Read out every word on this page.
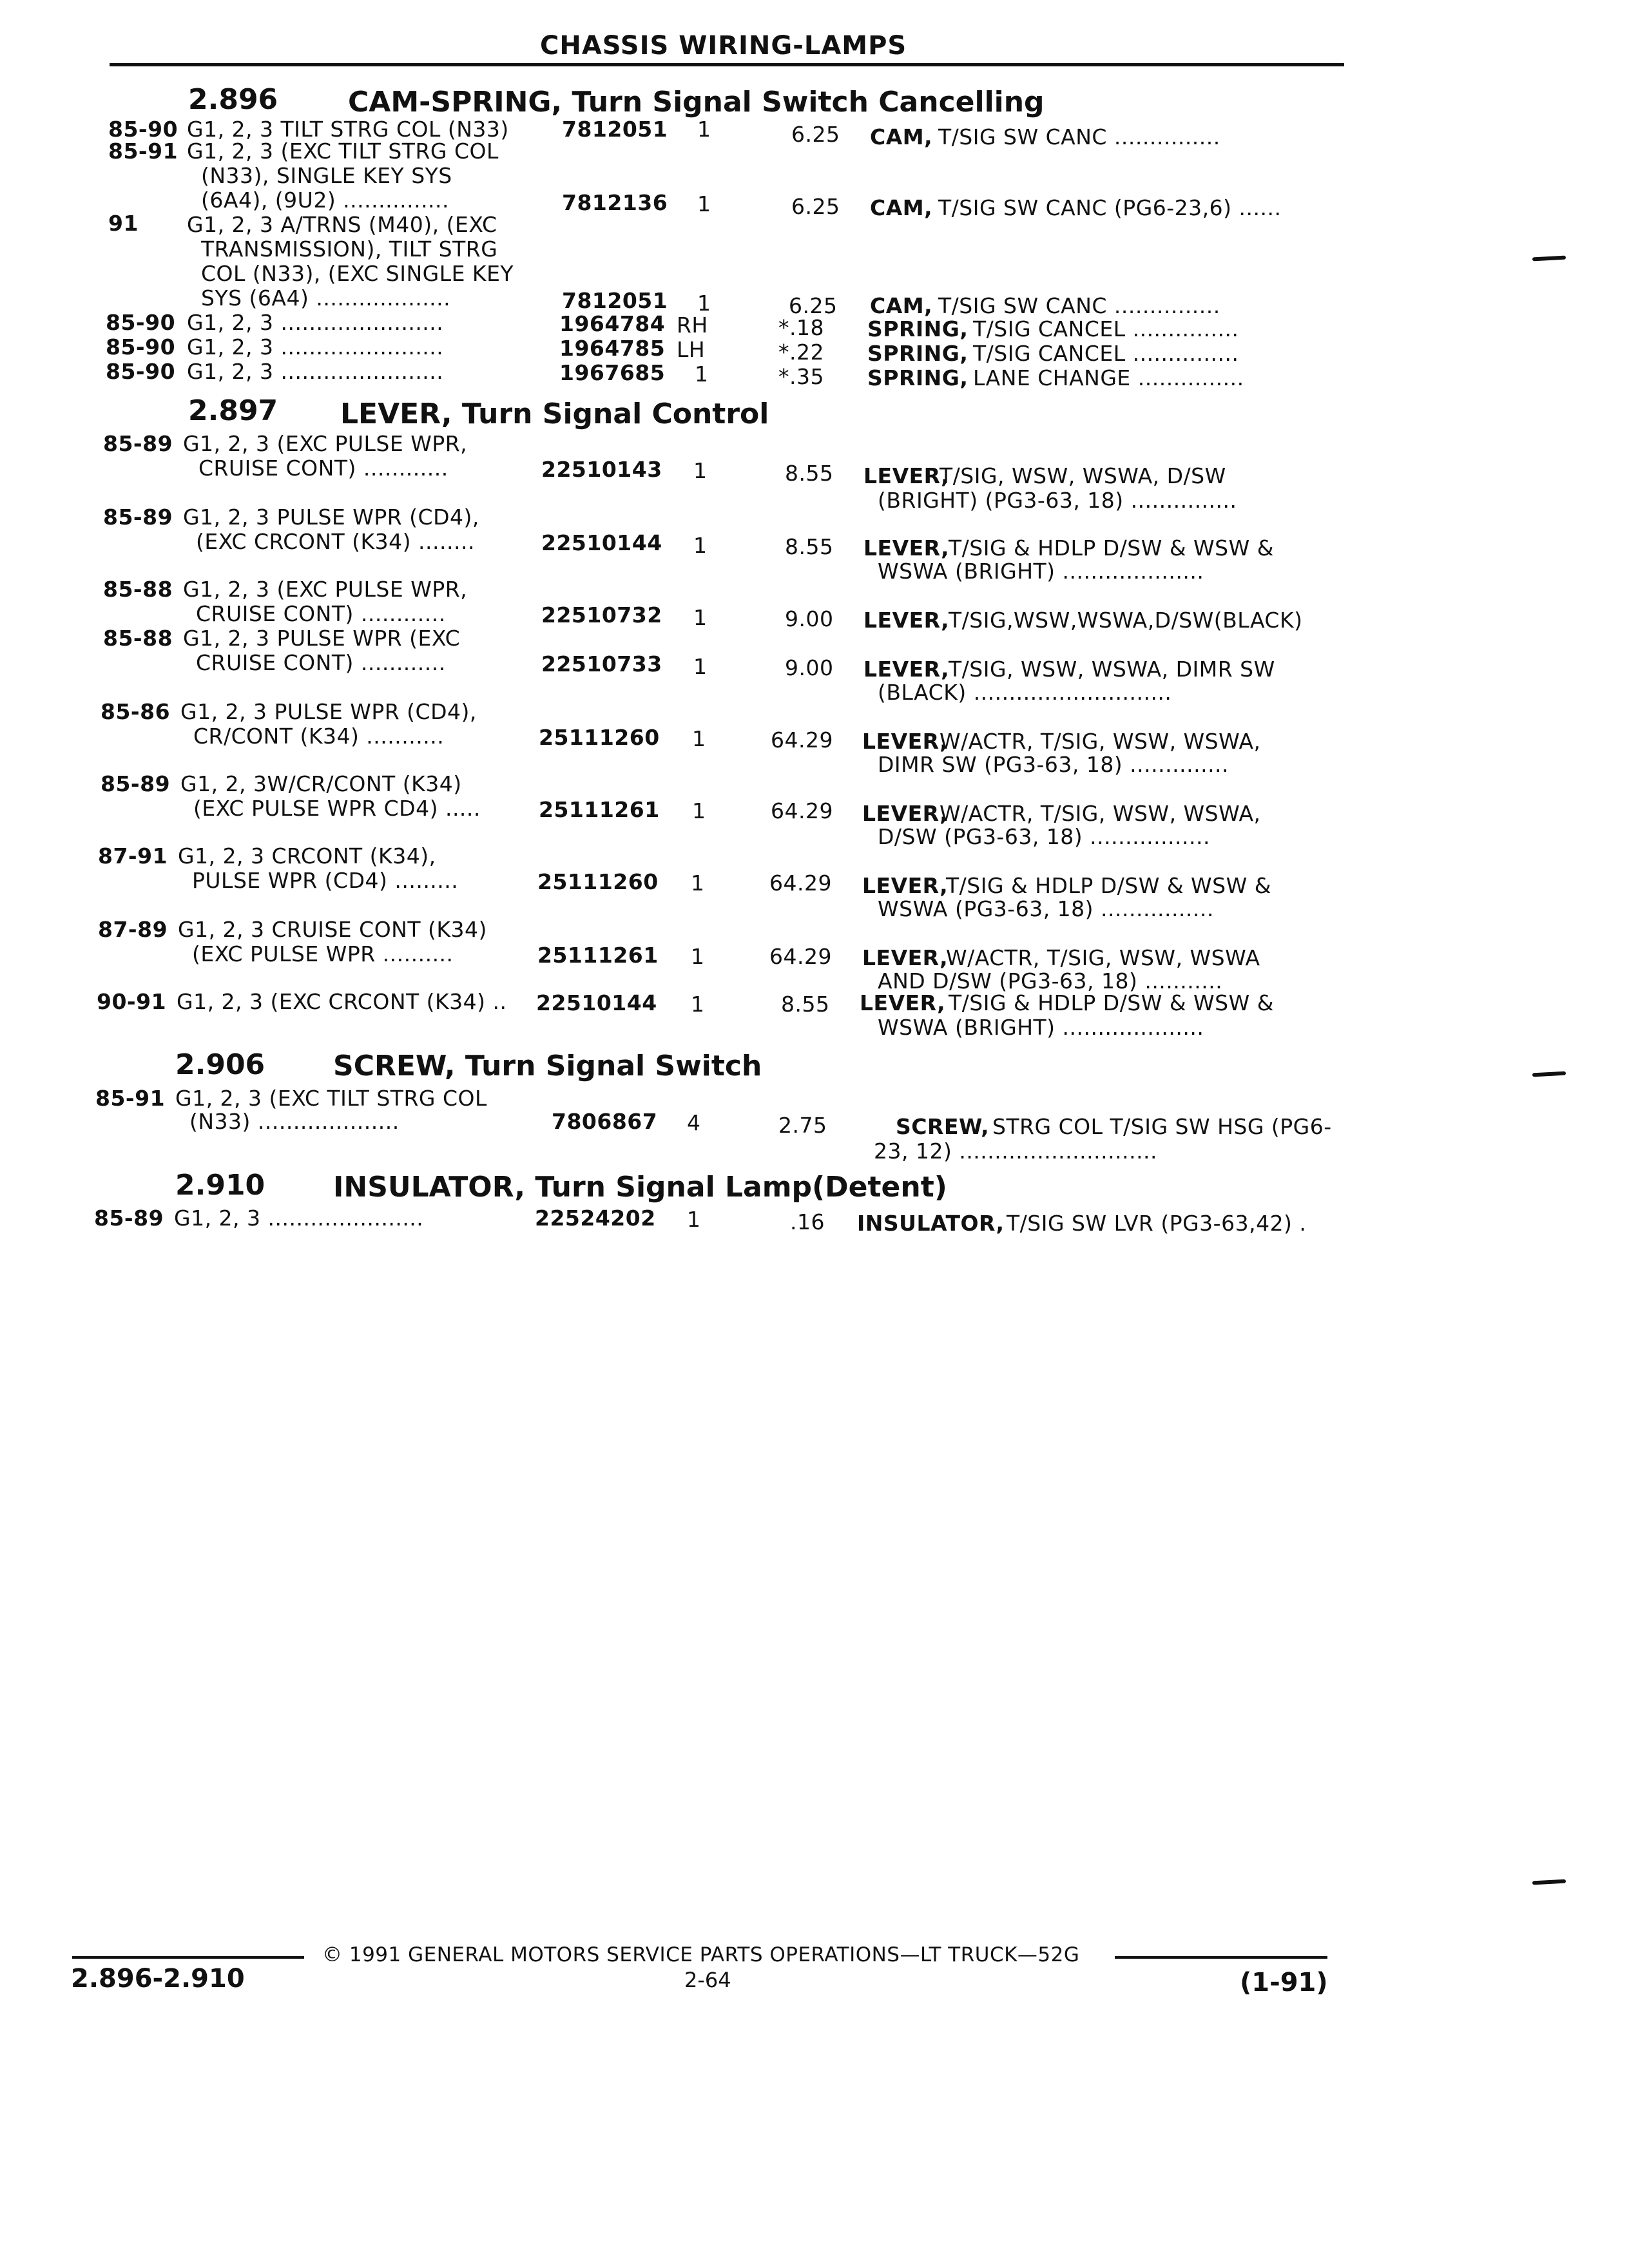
CHASSIS WIRING-LAMPS
2.896 CAM-SPRING, Turn Signal Switch Cancelling
2.897 LEVER, Turn Signal Control
2.906 SCREW, Turn Signal Switch
2.910 INSULATOR, Turn Signal Lamp(Detent)
85-90 G1, 2, 3 TILT STRG COL (N33) 7812051 1	6.25 CAM, T/SIG SW CANC ...............
85-91 G1, 2, 3 (EXC TILT STRG COL
(N33), SINGLE KEY SYS
(6A4), (9U2) ...............	7812136 1	6.25 CAM, T/SIG SW CANC (PG6-23,6) ......
91 G1, 2, 3 A/TRNS (M40), (EXC
TRANSMISSION), TILT STRG
COL (N33), (EXC SINGLE KEY
SYS (6A4) ...................	7812051 1	6.25 CAM, T/SIG SW CANC ...............
85-90 G1, 2, 3 .......................	1964784 RH	*.18 SPRING, T/SIG CANCEL ...............
85-90 G1, 2, 3 .......................	1964785 LH	*.22 SPRING, T/SIG CANCEL ...............
85-90 G1, 2, 3 .......................	1967685 1	*.35 SPRING, LANE CHANGE ...............
85-89 G1, 2, 3 (EXC PULSE WPR,
CRUISE CONT) ............	22510143 1	8.55 LEVER,
T/SIG, WSW, WSWA, D/SW
(BRIGHT) (PG3-63, 18) ...............
85-89 G1, 2, 3 PULSE WPR (CD4),
(EXC CRCONT (K34) ........	22510144 1	8.55 LEVER,
T/SIG & HDLP D/SW & WSW &
WSWA (BRIGHT) ....................
85-88 G1, 2, 3 (EXC PULSE WPR,
CRUISE CONT) ............	22510732 1	9.00 LEVER,
T/SIG,WSW,WSWA,D/SW(BLACK)
85-88 G1, 2, 3 PULSE WPR (EXC
CRUISE CONT) ............	22510733 1	9.00 LEVER,
T/SIG, WSW, WSWA, DIMR SW
(BLACK) ............................
85-86 G1, 2, 3 PULSE WPR (CD4),
CR/CONT (K34) ...........	25111260 1	64.29 LEVER,
W/ACTR, T/SIG, WSW, WSWA,
DIMR SW (PG3-63, 18) ..............
85-89 G1, 2, 3W/CR/CONT (K34)
(EXC PULSE WPR CD4) .....	25111261 1	64.29 LEVER,
W/ACTR, T/SIG, WSW, WSWA,
D/SW (PG3-63, 18) .................
87-91 G1, 2, 3 CRCONT (K34),
PULSE WPR (CD4) .........	25111260 1	64.29 LEVER,
T/SIG & HDLP D/SW & WSW &
WSWA (PG3-63, 18) ................
87-89 G1, 2, 3 CRUISE CONT (K34)
(EXC PULSE WPR ..........	25111261 1	64.29 LEVER,
W/ACTR, T/SIG, WSW, WSWA
AND D/SW (PG3-63, 18) ...........
90-91 G1, 2, 3 (EXC CRCONT (K34) .. 22510144 1	8.55 LEVER, T/SIG & HDLP D/SW & WSW &
WSWA (BRIGHT) ....................
85-91 G1, 2, 3 (EXC TILT STRG COL
(N33) ....................	7806867 4	2.75	SCREW, STRG COL T/SIG SW HSG (PG6-
23, 12) ............................
85-89 G1, 2, 3 ......................	22524202 1	.16 INSULATOR, T/SIG SW LVR (PG3-63,42) .
© 1991 GENERAL MOTORS SERVICE PARTS OPERATIONS—LT TRUCK—52G
2.896-2.910	2-64	(1-91)
